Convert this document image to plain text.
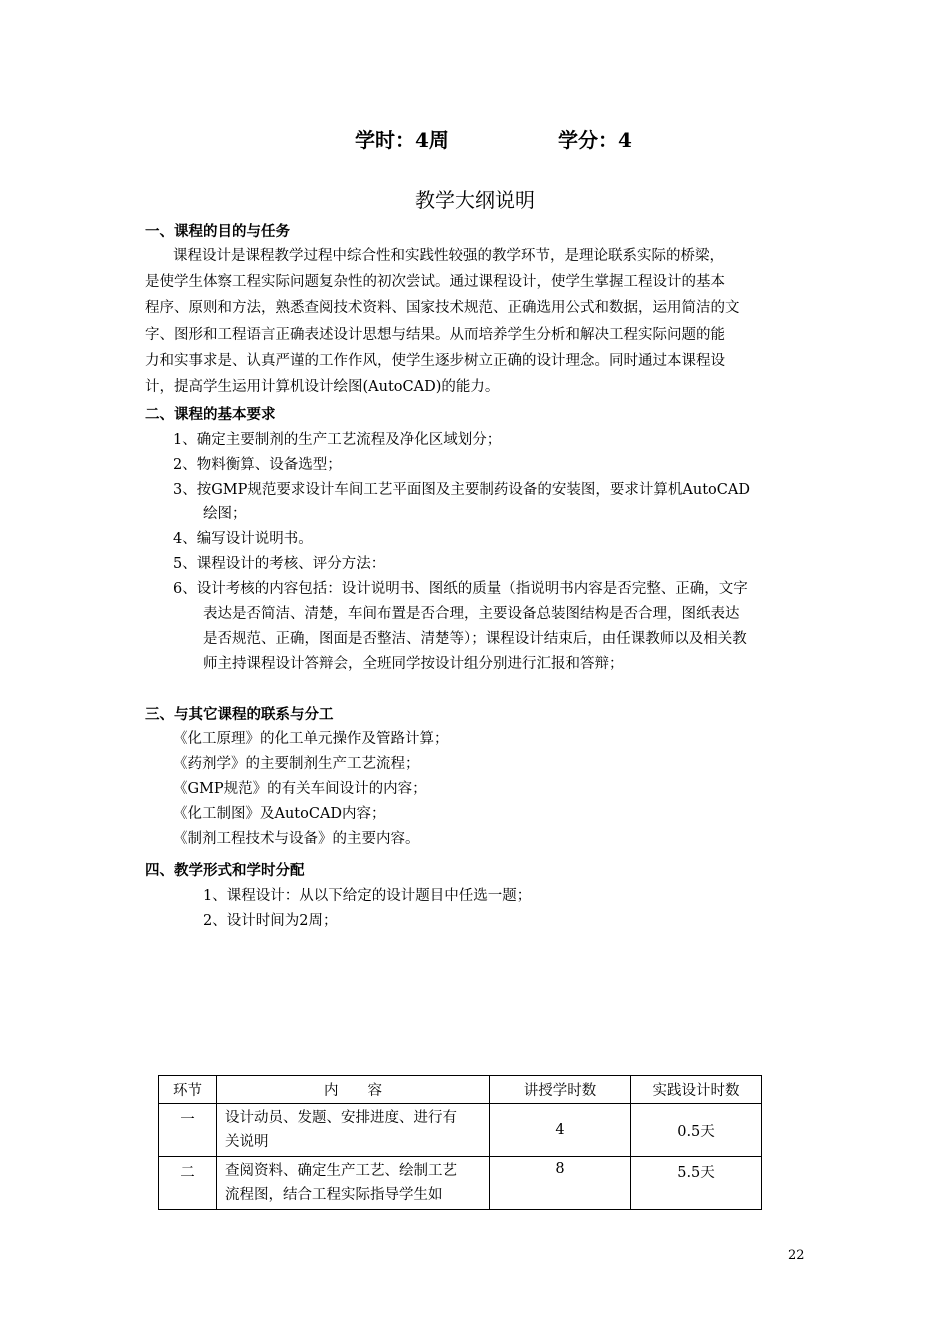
学时：4周	学分：4
教学大纲说明
一、课程的目的与任务
课程设计是课程教学过程中综合性和实践性较强的教学环节，是理论联系实际的桥梁，
是使学生体察工程实际问题复杂性的初次尝试。通过课程设计，使学生掌握工程设计的基本
程序、原则和方法，熟悉查阅技术资料、国家技术规范、正确选用公式和数据，运用简洁的文
字、图形和工程语言正确表述设计思想与结果。从而培养学生分析和解决工程实际问题的能
力和实事求是、认真严谨的工作作风，使学生逐步树立正确的设计理念。同时通过本课程设
计，提高学生运用计算机设计绘图(AutoCAD)的能力。
二、课程的基本要求
1、确定主要制剂的生产工艺流程及净化区域划分；
2、物料衡算、设备选型；
3、按GMP规范要求设计车间工艺平面图及主要制药设备的安装图，要求计算机AutoCAD
绘图；
4、编写设计说明书。
5、课程设计的考核、评分方法：
6、设计考核的内容包括：设计说明书、图纸的质量（指说明书内容是否完整、正确，文字
表达是否简洁、清楚，车间布置是否合理，主要设备总装图结构是否合理，图纸表达
是否规范、正确，图面是否整洁、清楚等）；课程设计结束后，由任课教师以及相关教
师主持课程设计答辩会，全班同学按设计组分别进行汇报和答辩；
三、与其它课程的联系与分工
《化工原理》的化工单元操作及管路计算；
《药剂学》的主要制剂生产工艺流程；
《GMP规范》的有关车间设计的内容；
《化工制图》及AutoCAD内容；
《制剂工程技术与设备》的主要内容。
四、教学形式和学时分配
1、课程设计：从以下给定的设计题目中任选一题；
2、设计时间为2周；
环节	内　　容	讲授学时数	实践设计时数
一	设计动员、发题、安排进度、进行有
关说明	4	0.5天
二	查阅资料、确定生产工艺、绘制工艺
流程图，结合工程实际指导学生如	8	5.5天
22
